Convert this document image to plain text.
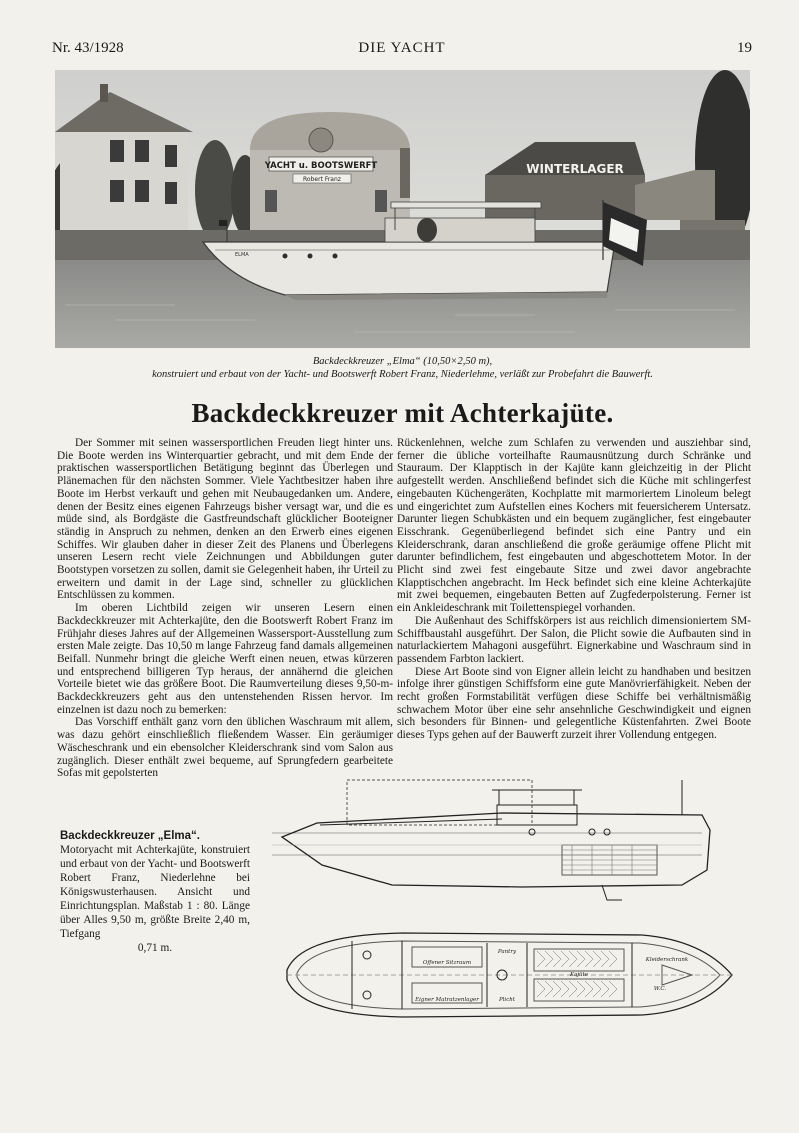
Nr. 43/1928	DIE YACHT	19
YACHT u. BOOTSWERFT
Robert Franz
WINTERLAGER
ELMA
Backdeckkreuzer „Elma“ (10,50×2,50 m),
konstruiert und erbaut von der Yacht- und Bootswerft Robert Franz, Niederlehme, verläßt zur Probefahrt die Bauwerft.
Backdeckkreuzer mit Achterkajüte.

Der Sommer mit seinen wassersportlichen Freuden liegt hinter uns. Die Boote werden ins Winterquartier gebracht, und mit dem Ende der praktischen wassersportlichen Betätigung beginnt das Überlegen und Plänemachen für den nächsten Sommer. Viele Yachtbesitzer haben ihre Boote im Herbst verkauft und gehen mit Neubaugedanken um. Andere, denen der Besitz eines eigenen Fahrzeugs bisher versagt war, und die es müde sind, als Bordgäste die Gastfreundschaft glücklicher Booteigner ständig in Anspruch zu nehmen, denken an den Erwerb eines eigenen Schiffes. Wir glauben daher in dieser Zeit des Planens und Überlegens unseren Lesern recht viele Zeichnungen und Abbildungen guter Bootstypen vorsetzen zu sollen, damit sie Gelegenheit haben, ihr Urteil zu erweitern und damit in der Lage sind, schneller zu glücklichen Entschlüssen zu kommen.

Im oberen Lichtbild zeigen wir unseren Lesern einen Backdeckkreuzer mit Achterkajüte, den die Bootswerft Robert Franz im Frühjahr dieses Jahres auf der Allgemeinen Wassersport-Ausstellung zum ersten Male zeigte. Das 10,50 m lange Fahrzeug fand damals allgemeinen Beifall. Nunmehr bringt die gleiche Werft einen neuen, etwas kürzeren und entsprechend billigeren Typ heraus, der annähernd die gleichen Vorteile bietet wie das größere Boot. Die Raumverteilung dieses 9,50-m-Backdeckkreuzers geht aus den untenstehenden Rissen hervor. Im einzelnen ist dazu noch zu bemerken:

Das Vorschiff enthält ganz vorn den üblichen Waschraum mit allem, was dazu gehört einschließlich fließendem Wasser. Ein geräumiger Wäscheschrank und ein ebensolcher Kleiderschrank sind vom Salon aus zugänglich. Dieser enthält zwei bequeme, auf Sprungfedern gearbeitete Sofas mit gepolsterten

Rückenlehnen, welche zum Schlafen zu verwenden und ausziehbar sind, ferner die übliche vorteilhafte Raumausnützung durch Schränke und Stauraum. Der Klapptisch in der Kajüte kann gleichzeitig in der Plicht aufgestellt werden. Anschließend befindet sich die Küche mit schlingerfest eingebauten Küchengeräten, Kochplatte mit marmoriertem Linoleum belegt und eingerichtet zum Aufstellen eines Kochers mit feuersicherem Untersatz. Darunter liegen Schubkästen und ein bequem zugänglicher, fest eingebauter Eisschrank. Gegenüberliegend befindet sich eine Pantry und ein Kleiderschrank, daran anschließend die große geräumige offene Plicht mit darunter befindlichem, fest eingebauten und abgeschottetem Motor. In der Plicht sind zwei fest eingebaute Sitze und zwei davor angebrachte Klapptischchen angebracht. Im Heck befindet sich eine kleine Achterkajüte mit zwei bequemen, eingebauten Betten auf Zugfederpolsterung. Ferner ist ein Ankleideschrank mit Toilettenspiegel vorhanden.

Die Außenhaut des Schiffskörpers ist aus reichlich dimensioniertem SM-Schiffbaustahl ausgeführt. Der Salon, die Plicht sowie die Aufbauten sind in naturlackiertem Mahagoni ausgeführt. Eignerkabine und Waschraum sind in passendem Farbton lackiert.

Diese Art Boote sind von Eigner allein leicht zu handhaben und besitzen infolge ihrer günstigen Schiffsform eine gute Manövrierfähigkeit. Neben der recht großen Formstabilität verfügen diese Schiffe bei verhältnismäßig schwachem Motor über eine sehr ansehnliche Geschwindigkeit und eignen sich besonders für Binnen- und gelegentliche Küstenfahrten. Zwei Boote dieses Typs gehen auf der Bauwerft zurzeit ihrer Vollendung entgegen.

Backdeckkreuzer „Elma“.
Motoryacht mit Achterkajüte, konstruiert und erbaut von der Yacht- und Bootswerft Robert Franz, Niederlehne bei Königswusterhausen. Ansicht und Einrichtungsplan. Maßstab 1 : 80. Länge über Alles 9,50 m, größte Breite 2,40 m, Tiefgang
0,71 m.
Offener Sitzraum
Pantry
Kajüte
Plicht
W.C.
Kleiderschrank
Eigner Matratzenlager
